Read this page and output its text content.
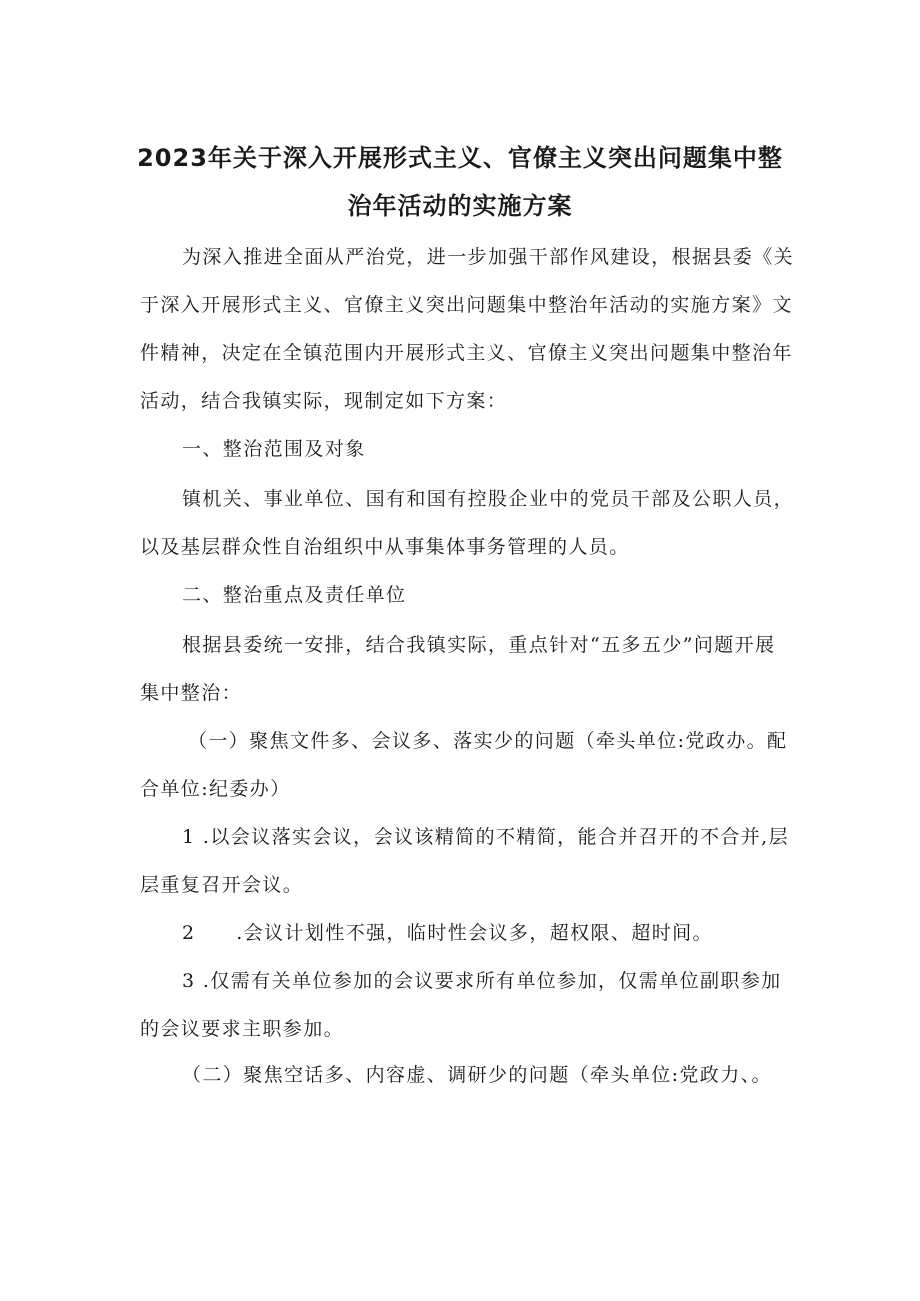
2023年关于深入开展形式主义、官僚主义突出问题集中整
治年活动的实施方案
为深入推进全面从严治党，进一步加强干部作风建设，根据县委《关
于深入开展形式主义、官僚主义突出问题集中整治年活动的实施方案》文
件精神，决定在全镇范围内开展形式主义、官僚主义突出问题集中整治年
活动，结合我镇实际，现制定如下方案：
一、整治范围及对象
镇机关、事业单位、国有和国有控股企业中的党员干部及公职人员，
以及基层群众性自治组织中从事集体事务管理的人员。
二、整治重点及责任单位
根据县委统一安排，结合我镇实际，重点针对“五多五少”问题开展
集中整治：
（一）聚焦文件多、会议多、落实少的问题（牵头单位:党政办。配
合单位:纪委办）
1 .以会议落实会议，会议该精简的不精简，能合并召开的不合并,层
层重复召开会议。
2　　.会议计划性不强，临时性会议多，超权限、超时间。
3 .仅需有关单位参加的会议要求所有单位参加，仅需单位副职参加
的会议要求主职参加。
（二）聚焦空话多、内容虚、调研少的问题（牵头单位:党政力、。
